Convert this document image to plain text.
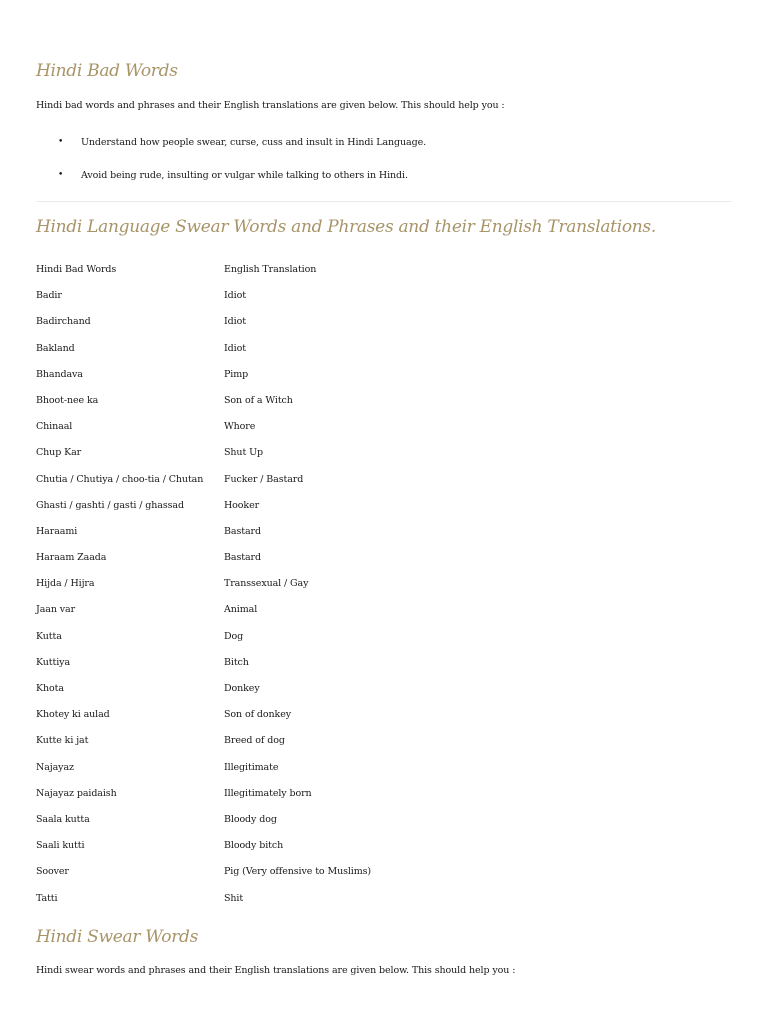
Hindi Bad Words

Hindi bad words and phrases and their English translations are given below. This should help you :

• Understand how people swear, curse, cuss and insult in Hindi Language.
• Avoid being rude, insulting or vulgar while talking to others in Hindi.
Hindi Language Swear Words and Phrases and their English Translations.
Hindi Bad Words	English Translation
Badir	Idiot
Badirchand	Idiot
Bakland	Idiot
Bhandava	Pimp
Bhoot-nee ka	Son of a Witch
Chinaal	Whore
Chup Kar	Shut Up
Chutia / Chutiya / choo-tia / Chutan	Fucker / Bastard
Ghasti / gashti / gasti / ghassad	Hooker
Haraami	Bastard
Haraam Zaada	Bastard
Hijda / Hijra	Transsexual / Gay
Jaan var	Animal
Kutta	Dog
Kuttiya	Bitch
Khota	Donkey
Khotey ki aulad	Son of donkey
Kutte ki jat	Breed of dog
Najayaz	Illegitimate
Najayaz paidaish	Illegitimately born
Saala kutta	Bloody dog
Saali kutti	Bloody bitch
Soover	Pig (Very offensive to Muslims)
Tatti	Shit
Hindi Swear Words

Hindi swear words and phrases and their English translations are given below. This should help you :
